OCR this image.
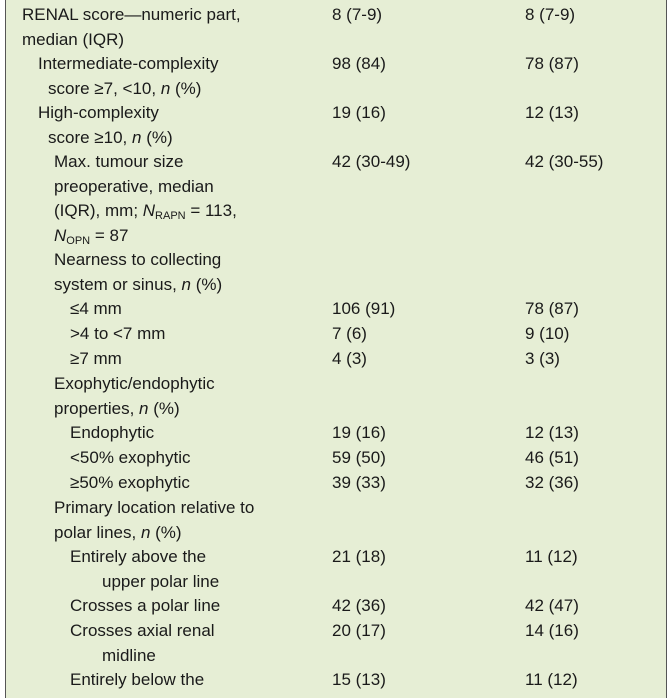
RENAL score—numeric part,
median (IQR)
8 (7-9)	8 (7-9)
Intermediate-complexity
score ≥7, <10, n (%)
98 (84)	78 (87)
High-complexity
score ≥10, n (%)
19 (16)	12 (13)
Max. tumour size
preoperative, median
(IQR), mm; $N_{RAPN} = 113$,
$N_{OPN} = 87$
42 (30-49)	42 (30-55)
Nearness to collecting
system or sinus, n (%)
≤4 mm	106 (91)	78 (87)
>4 to <7 mm	7 (6)	9 (10)
≥7 mm	4 (3)	3 (3)
Exophytic/endophytic
properties, n (%)
Endophytic	19 (16)	12 (13)
<50% exophytic	59 (50)	46 (51)
≥50% exophytic	39 (33)	32 (36)
Primary location relative to
polar lines, n (%)
Entirely above the
upper polar line
21 (18)	11 (12)
Crosses a polar line	42 (36)	42 (47)
Crosses axial renal
midline
20 (17)	14 (16)
Entirely below the	15 (13)	11 (12)
